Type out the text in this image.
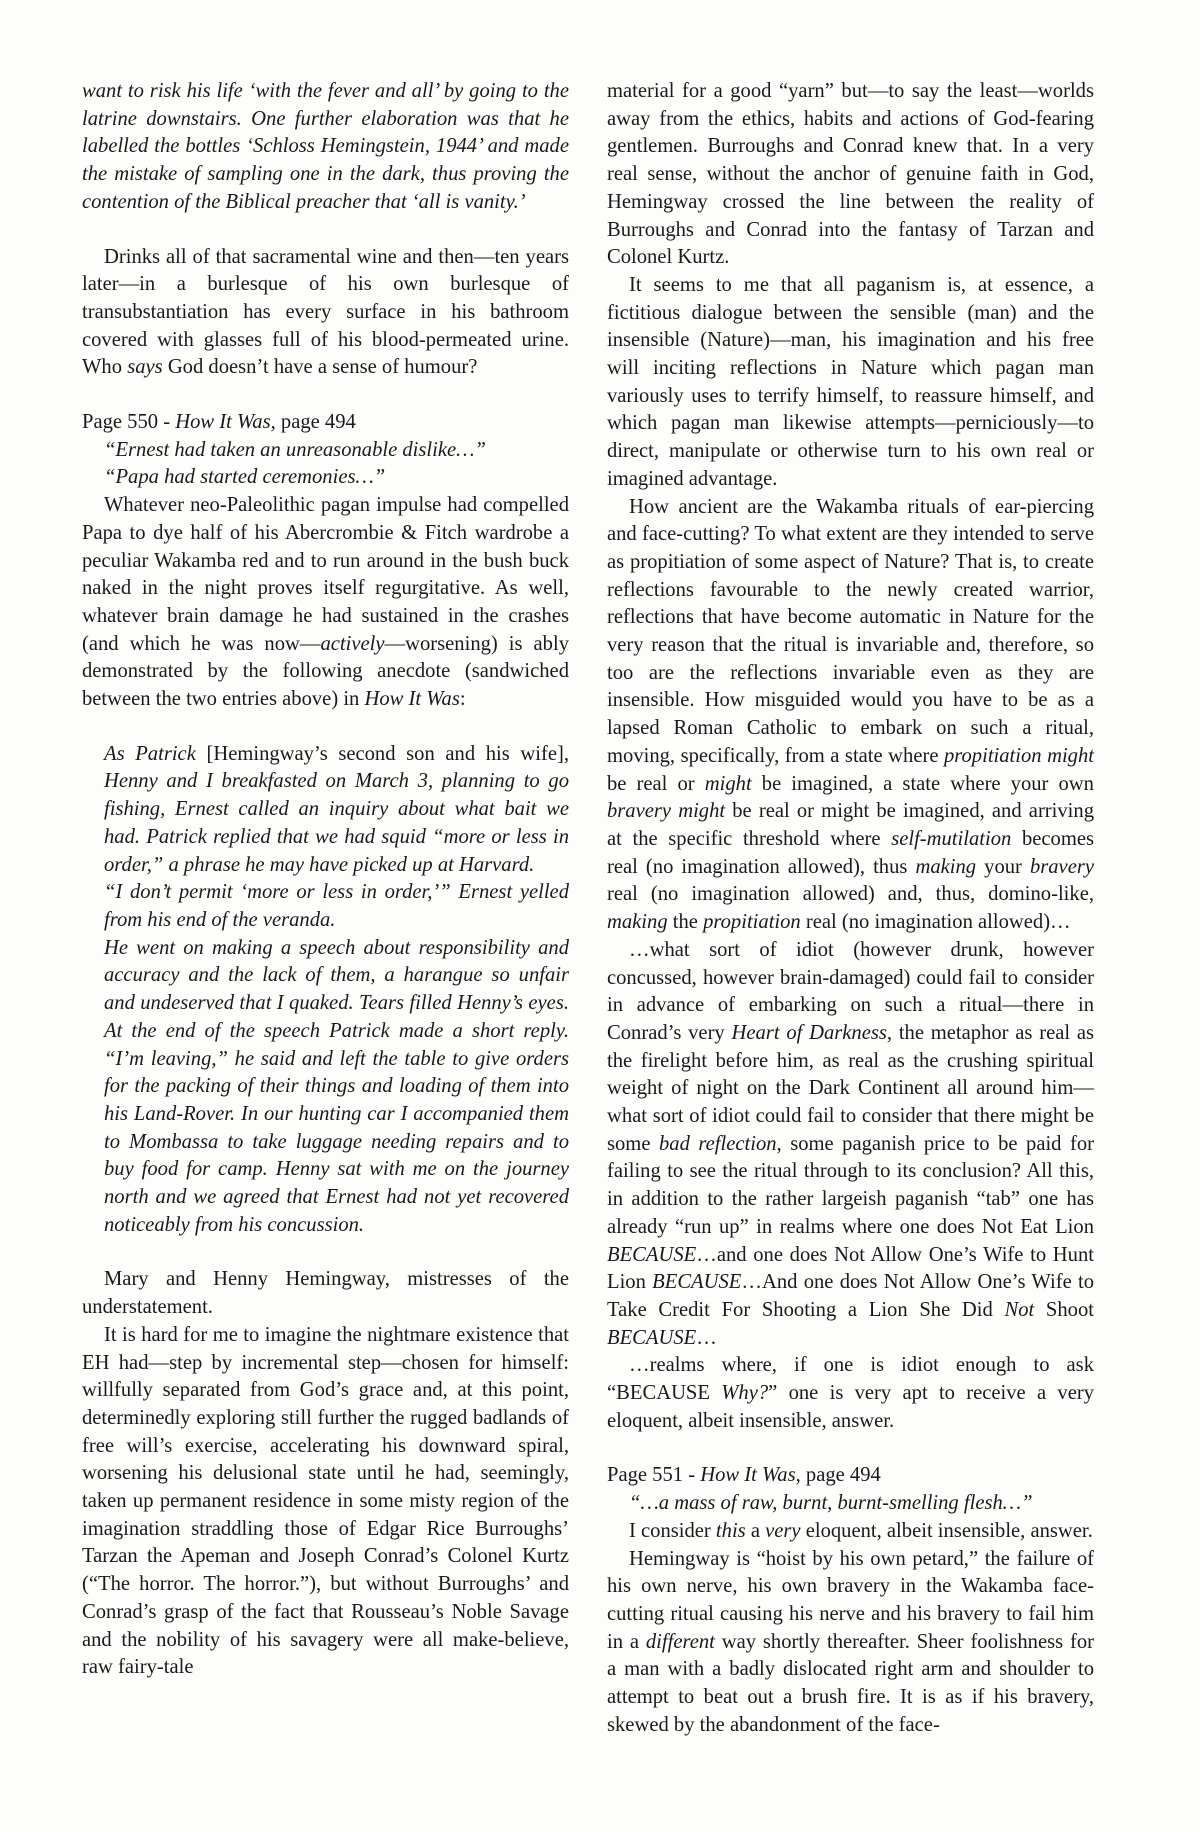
want to risk his life ‘with the fever and all’ by going to the latrine downstairs. One further elaboration was that he labelled the bottles ‘Schloss Hemingstein, 1944’ and made the mistake of sampling one in the dark, thus proving the contention of the Biblical preacher that ‘all is vanity.’

Drinks all of that sacramental wine and then—ten years later—in a burlesque of his own burlesque of transubstantiation has every surface in his bathroom covered with glasses full of his blood-permeated urine. Who says God doesn’t have a sense of humour?

Page 550 - How It Was, page 494

“Ernest had taken an unreasonable dislike…”

“Papa had started ceremonies…”

Whatever neo-Paleolithic pagan impulse had compelled Papa to dye half of his Abercrombie & Fitch wardrobe a peculiar Wakamba red and to run around in the bush buck naked in the night proves itself regurgitative. As well, whatever brain damage he had sustained in the crashes (and which he was now—actively—worsening) is ably demonstrated by the following anecdote (sandwiched between the two entries above) in How It Was:

As Patrick [Hemingway’s second son and his wife], Henny and I breakfasted on March 3, planning to go fishing, Ernest called an inquiry about what bait we had. Patrick replied that we had squid “more or less in order,” a phrase he may have picked up at Harvard.

“I don’t permit ‘more or less in order,’” Ernest yelled from his end of the veranda.

He went on making a speech about responsibility and accuracy and the lack of them, a harangue so unfair and undeserved that I quaked. Tears filled Henny’s eyes. At the end of the speech Patrick made a short reply. “I’m leaving,” he said and left the table to give orders for the packing of their things and loading of them into his Land-Rover. In our hunting car I accompanied them to Mombassa to take luggage needing repairs and to buy food for camp. Henny sat with me on the journey north and we agreed that Ernest had not yet recovered noticeably from his concussion.

Mary and Henny Hemingway, mistresses of the understatement.

It is hard for me to imagine the nightmare existence that EH had—step by incremental step—chosen for himself: willfully separated from God’s grace and, at this point, determinedly exploring still further the rugged badlands of free will’s exercise, accelerating his downward spiral, worsening his delusional state until he had, seemingly, taken up permanent residence in some misty region of the imagination straddling those of Edgar Rice Burroughs’ Tarzan the Apeman and Joseph Conrad’s Colonel Kurtz (“The horror. The horror.”), but without Burroughs’ and Conrad’s grasp of the fact that Rousseau’s Noble Savage and the nobility of his savagery were all make-believe, raw fairy-tale

material for a good “yarn” but—to say the least—worlds away from the ethics, habits and actions of God-fearing gentlemen. Burroughs and Conrad knew that. In a very real sense, without the anchor of genuine faith in God, Hemingway crossed the line between the reality of Burroughs and Conrad into the fantasy of Tarzan and Colonel Kurtz.

It seems to me that all paganism is, at essence, a fictitious dialogue between the sensible (man) and the insensible (Nature)—man, his imagination and his free will inciting reflections in Nature which pagan man variously uses to terrify himself, to reassure himself, and which pagan man likewise attempts—perniciously—to direct, manipulate or otherwise turn to his own real or imagined advantage.

How ancient are the Wakamba rituals of ear-piercing and face-cutting? To what extent are they intended to serve as propitiation of some aspect of Nature? That is, to create reflections favourable to the newly created warrior, reflections that have become automatic in Nature for the very reason that the ritual is invariable and, therefore, so too are the reflections invariable even as they are insensible. How misguided would you have to be as a lapsed Roman Catholic to embark on such a ritual, moving, specifically, from a state where propitiation might be real or might be imagined, a state where your own bravery might be real or might be imagined, and arriving at the specific threshold where self-mutilation becomes real (no imagination allowed), thus making your bravery real (no imagination allowed) and, thus, domino-like, making the propitiation real (no imagination allowed)…

…what sort of idiot (however drunk, however concussed, however brain-damaged) could fail to consider in advance of embarking on such a ritual—there in Conrad’s very Heart of Darkness, the metaphor as real as the firelight before him, as real as the crushing spiritual weight of night on the Dark Continent all around him—what sort of idiot could fail to consider that there might be some bad reflection, some paganish price to be paid for failing to see the ritual through to its conclusion? All this, in addition to the rather largeish paganish “tab” one has already “run up” in realms where one does Not Eat Lion BECAUSE…and one does Not Allow One’s Wife to Hunt Lion BECAUSE…And one does Not Allow One’s Wife to Take Credit For Shooting a Lion She Did Not Shoot BECAUSE…

…realms where, if one is idiot enough to ask “BECAUSE Why?” one is very apt to receive a very eloquent, albeit insensible, answer.

Page 551 - How It Was, page 494

“…a mass of raw, burnt, burnt-smelling flesh…”

I consider this a very eloquent, albeit insensible, answer.

Hemingway is “hoist by his own petard,” the failure of his own nerve, his own bravery in the Wakamba face-cutting ritual causing his nerve and his bravery to fail him in a different way shortly thereafter. Sheer foolishness for a man with a badly dislocated right arm and shoulder to attempt to beat out a brush fire. It is as if his bravery, skewed by the abandonment of the face-
